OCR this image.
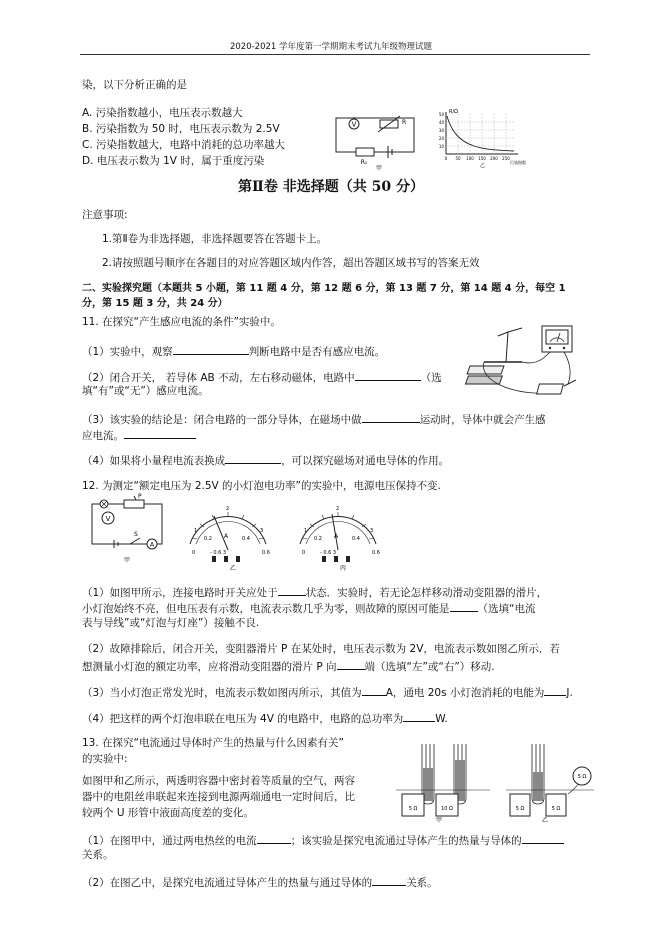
2020-2021 学年度第一学期期末考试九年级物理试题
染，以下分析正确的是
A. 污染指数越小，电压表示数越大
B. 污染指数为 50 时，电压表示数为 2.5V
C. 污染指数越大，电路中消耗的总功率越大
D. 电压表示数为 1V 时，属于重度污染
V	R
R₀
甲
R/Ω
50
40
30
20
10
0 50 100 150 200 250
污染指数
乙
第Ⅱ卷 非选择题（共 50 分）
注意事项:
1.第Ⅱ卷为非选择题，非选择题要答在答题卡上。
2.请按照题号顺序在各题目的对应答题区域内作答，超出答题区域书写的答案无效
二、实验探究题（本题共 5 小题，第 11 题 4 分，第 12 题 6 分，第 13 题 7 分，第 14 题 4 分，每空 1
分，第 15 题 3 分，共 24 分）
11. 在探究“产生感应电流的条件”实验中。
（1）实验中，观察	判断电路中是否有感应电流。
（2）闭合开关， 若导体 AB 不动，左右移动磁体，电路中	（选
填“有”或“无”）感应电流。
（3）该实验的结论是：闭合电路的一部分导体，在磁场中做	运动时，导体中就会产生感
应电流。
（4）如果将小量程电流表换成	，可以探究磁场对通电导体的作用。
12. 为测定“额定电压为 2.5V 的小灯泡电功率”的实验中，电源电压保持不变.
V
P
S
A
甲
1
2
3
0
0.2	0.4
0.6
A
- 0.6 3
乙
1
2
3
0
0.2	0.4
0.6
A
- 0.6 3
丙
（1）如图甲所示，连接电路时开关应处于	状态．实验时，若无论怎样移动滑动变阻器的滑片，
小灯泡始终不亮，但电压表有示数，电流表示数几乎为零，则故障的原因可能是	（选填“电流
表与导线”或“灯泡与灯座”）接触不良.
（2）故障排除后，闭合开关，变阻器滑片 P 在某处时，电压表示数为 2V，电流表示数如图乙所示．若
想测量小灯泡的额定功率，应将滑动变阻器的滑片 P 向	端（选填“左”或“右”）移动.
（3）当小灯泡正常发光时，电流表示数如图丙所示，其值为 A，通电 20s 小灯泡消耗的电能为 J.
（4）把这样的两个灯泡串联在电压为 4V 的电路中，电路的总功率为	W.
13. 在探究“电流通过导体时产生的热量与什么因素有关”
的实验中:
如图甲和乙所示，两透明容器中密封着等质量的空气，两容
器中的电阻丝串联起来连接到电源两端通电一定时间后，比
较两个 U 形管中液面高度差的变化。	5 Ω	10 Ω
甲
5 Ω	5 Ω
5 Ω
乙
（1）在图甲中，通过两电热丝的电流	；该实验是探究电流通过导体产生的热量与导体的
关系。
（2）在图乙中，是探究电流通过导体产生的热量与通过导体的	关系。
